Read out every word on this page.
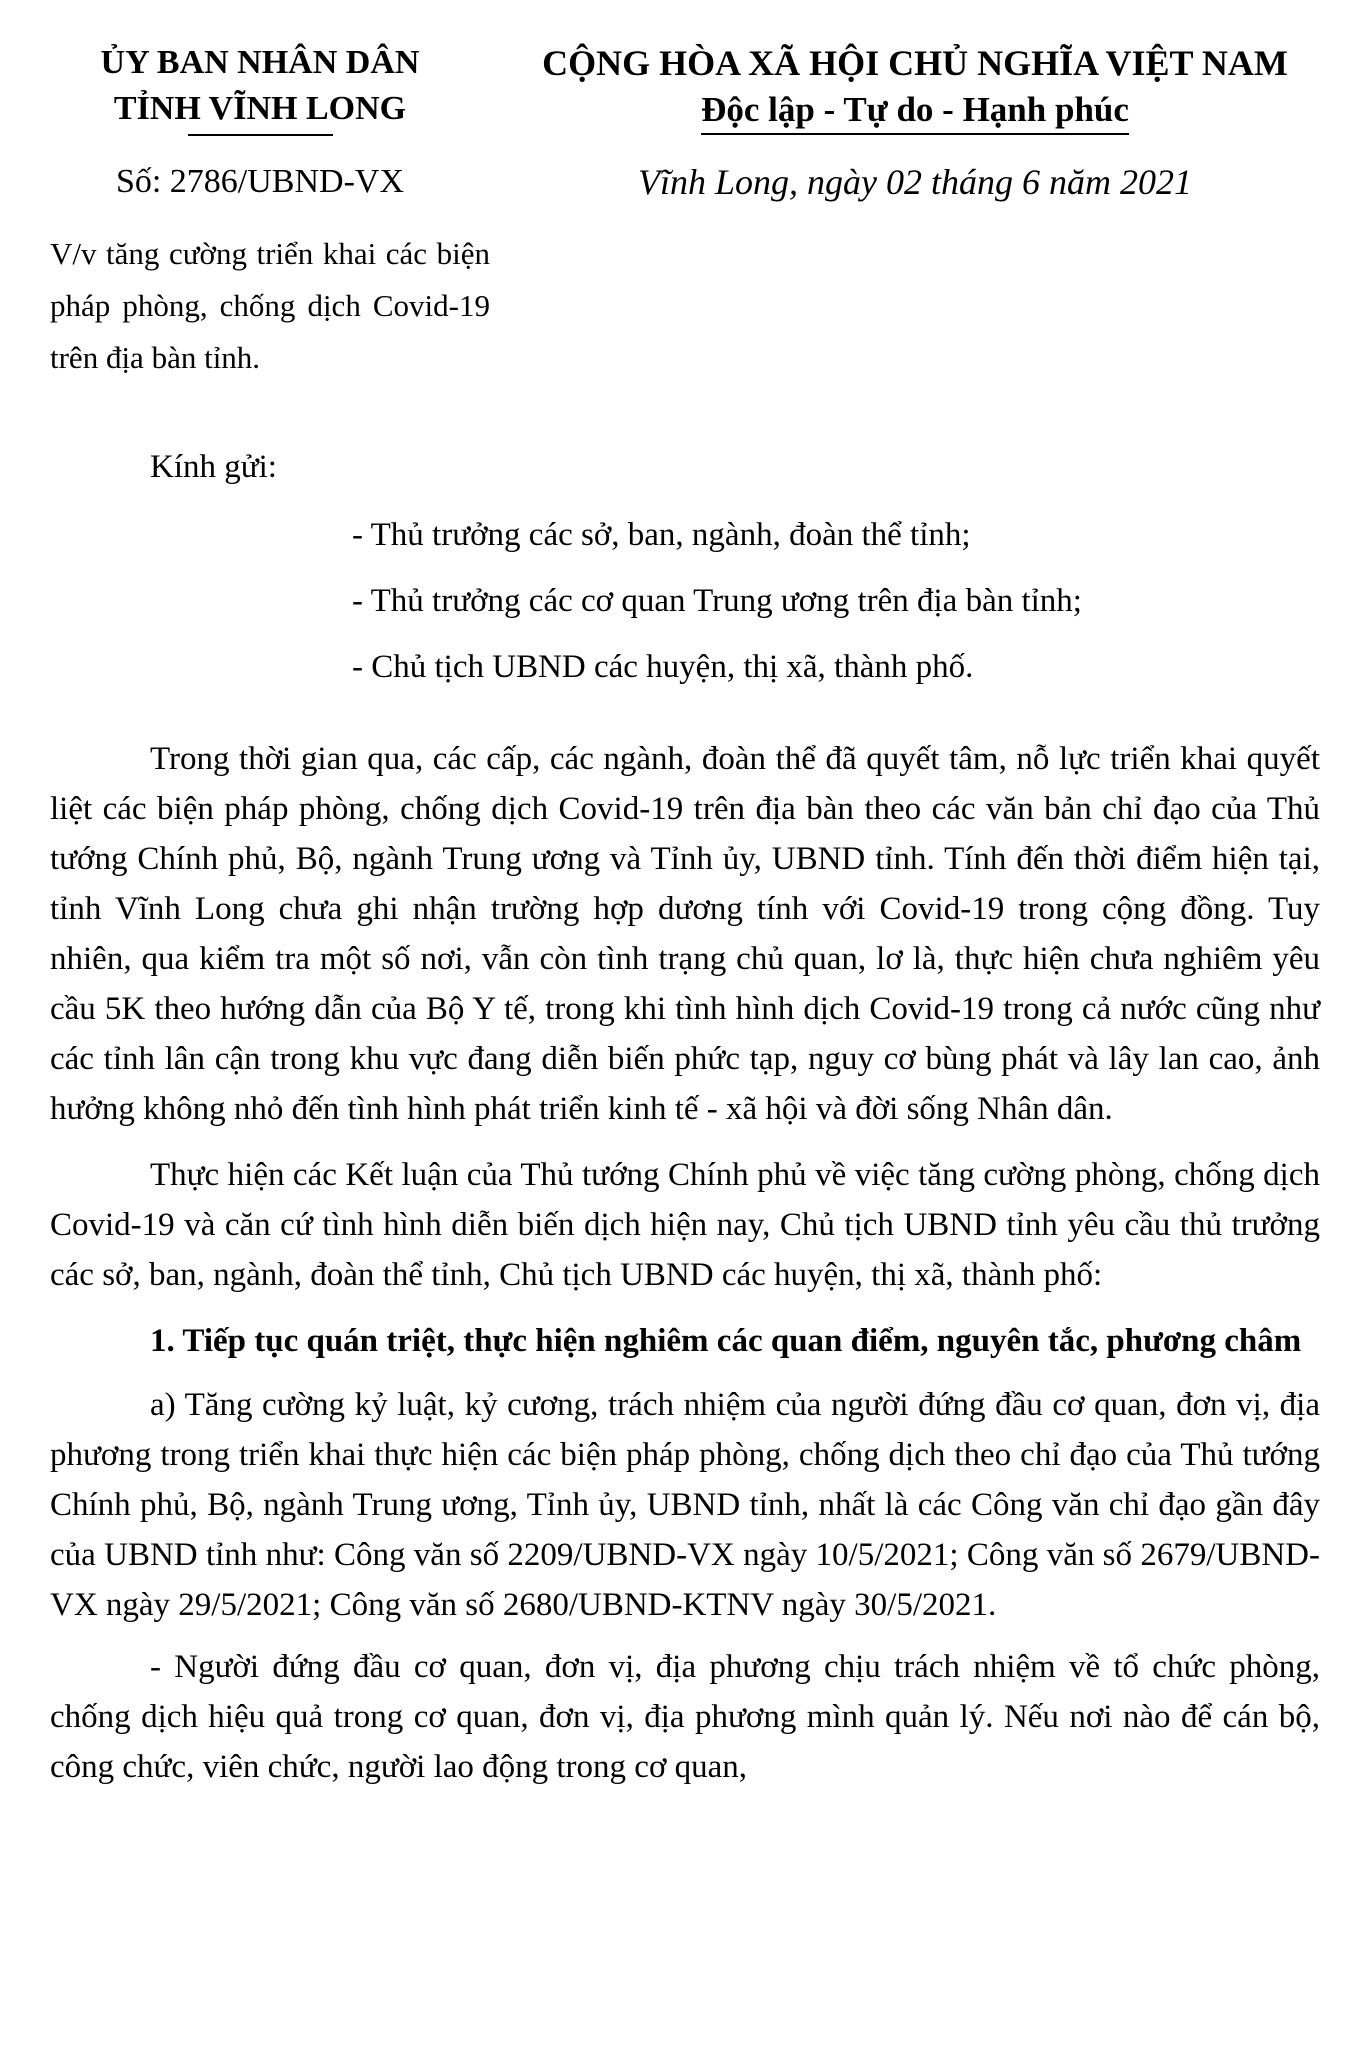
ỦY BAN NHÂN DÂN
TỈNH VĨNH LONG
CỘNG HÒA XÃ HỘI CHỦ NGHĨA VIỆT NAM
Độc lập - Tự do - Hạnh phúc
Số: 2786/UBND-VX	Vĩnh Long, ngày 02 tháng 6 năm 2021
V/v tăng cường triển khai các biện pháp phòng, chống dịch Covid-19 trên địa bàn tỉnh.
Kính gửi:
- Thủ trưởng các sở, ban, ngành, đoàn thể tỉnh;
- Thủ trưởng các cơ quan Trung ương trên địa bàn tỉnh;
- Chủ tịch UBND các huyện, thị xã, thành phố.

Trong thời gian qua, các cấp, các ngành, đoàn thể đã quyết tâm, nỗ lực triển khai quyết liệt các biện pháp phòng, chống dịch Covid-19 trên địa bàn theo các văn bản chỉ đạo của Thủ tướng Chính phủ, Bộ, ngành Trung ương và Tỉnh ủy, UBND tỉnh. Tính đến thời điểm hiện tại, tỉnh Vĩnh Long chưa ghi nhận trường hợp dương tính với Covid-19 trong cộng đồng. Tuy nhiên, qua kiểm tra một số nơi, vẫn còn tình trạng chủ quan, lơ là, thực hiện chưa nghiêm yêu cầu 5K theo hướng dẫn của Bộ Y tế, trong khi tình hình dịch Covid-19 trong cả nước cũng như các tỉnh lân cận trong khu vực đang diễn biến phức tạp, nguy cơ bùng phát và lây lan cao, ảnh hưởng không nhỏ đến tình hình phát triển kinh tế - xã hội và đời sống Nhân dân.

Thực hiện các Kết luận của Thủ tướng Chính phủ về việc tăng cường phòng, chống dịch Covid-19 và căn cứ tình hình diễn biến dịch hiện nay, Chủ tịch UBND tỉnh yêu cầu thủ trưởng các sở, ban, ngành, đoàn thể tỉnh, Chủ tịch UBND các huyện, thị xã, thành phố:

1. Tiếp tục quán triệt, thực hiện nghiêm các quan điểm, nguyên tắc, phương châm

a) Tăng cường kỷ luật, kỷ cương, trách nhiệm của người đứng đầu cơ quan, đơn vị, địa phương trong triển khai thực hiện các biện pháp phòng, chống dịch theo chỉ đạo của Thủ tướng Chính phủ, Bộ, ngành Trung ương, Tỉnh ủy, UBND tỉnh, nhất là các Công văn chỉ đạo gần đây của UBND tỉnh như: Công văn số 2209/UBND-VX ngày 10/5/2021; Công văn số 2679/UBND-VX ngày 29/5/2021; Công văn số 2680/UBND-KTNV ngày 30/5/2021.

- Người đứng đầu cơ quan, đơn vị, địa phương chịu trách nhiệm về tổ chức phòng, chống dịch hiệu quả trong cơ quan, đơn vị, địa phương mình quản lý. Nếu nơi nào để cán bộ, công chức, viên chức, người lao động trong cơ quan,
